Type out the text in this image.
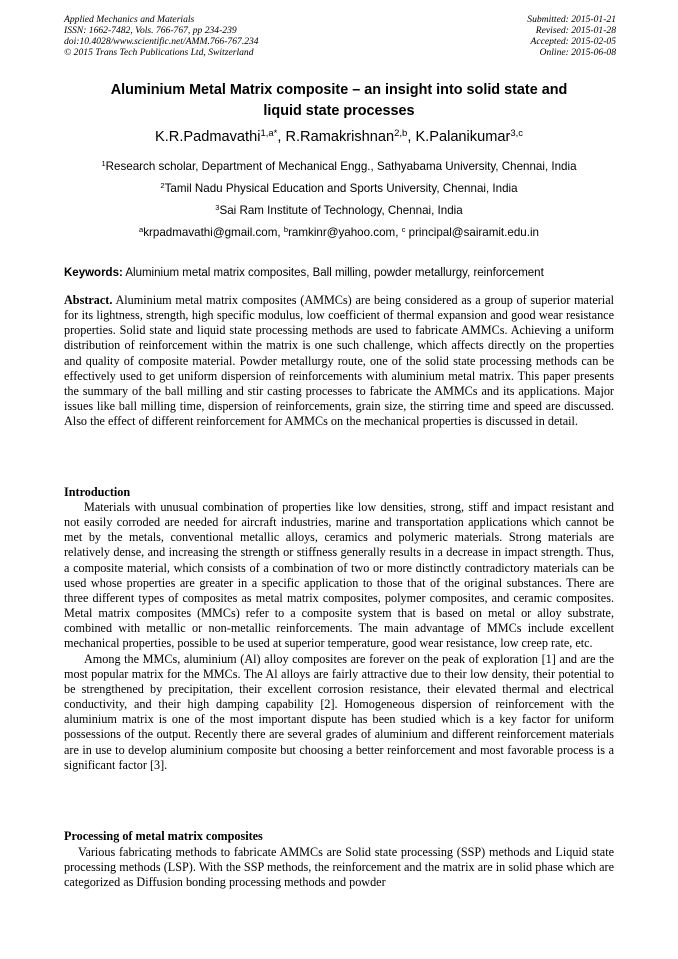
Applied Mechanics and Materials
ISSN: 1662-7482, Vols. 766-767, pp 234-239
doi:10.4028/www.scientific.net/AMM.766-767.234
© 2015 Trans Tech Publications Ltd, Switzerland
Submitted: 2015-01-21
Revised: 2015-01-28
Accepted: 2015-02-05
Online: 2015-06-08
Aluminium Metal Matrix composite – an insight into solid state and
liquid state processes
K.R.Padmavathi$^{1,a*}$, R.Ramakrishnan$^{2,b}$, K.Palanikumar$^{3,c}$
$^1$Research scholar, Department of Mechanical Engg., Sathyabama University, Chennai, India
$^2$Tamil Nadu Physical Education and Sports University, Chennai, India
$^3$Sai Ram Institute of Technology, Chennai, India
$^a$krpadmavathi@gmail.com, $^b$ramkinr@yahoo.com, $^c$ principal@sairamit.edu.in
Keywords: Aluminium metal matrix composites, Ball milling, powder metallurgy, reinforcement

Abstract. Aluminium metal matrix composites (AMMCs) are being considered as a group of superior material for its lightness, strength, high specific modulus, low coefficient of thermal expansion and good wear resistance properties. Solid state and liquid state processing methods are used to fabricate AMMCs. Achieving a uniform distribution of reinforcement within the matrix is one such challenge, which affects directly on the properties and quality of composite material. Powder metallurgy route, one of the solid state processing methods can be effectively used to get uniform dispersion of reinforcements with aluminium metal matrix. This paper presents the summary of the ball milling and stir casting processes to fabricate the AMMCs and its applications. Major issues like ball milling time, dispersion of reinforcements, grain size, the stirring time and speed are discussed. Also the effect of different reinforcement for AMMCs on the mechanical properties is discussed in detail.

Introduction

Materials with unusual combination of properties like low densities, strong, stiff and impact resistant and not easily corroded are needed for aircraft industries, marine and transportation applications which cannot be met by the metals, conventional metallic alloys, ceramics and polymeric materials. Strong materials are relatively dense, and increasing the strength or stiffness generally results in a decrease in impact strength. Thus, a composite material, which consists of a combination of two or more distinctly contradictory materials can be used whose properties are greater in a specific application to those that of the original substances. There are three different types of composites as metal matrix composites, polymer composites, and ceramic composites. Metal matrix composites (MMCs) refer to a composite system that is based on metal or alloy substrate, combined with metallic or non-metallic reinforcements. The main advantage of MMCs include excellent mechanical properties, possible to be used at superior temperature, good wear resistance, low creep rate, etc.

Among the MMCs, aluminium (Al) alloy composites are forever on the peak of exploration [1] and are the most popular matrix for the MMCs. The Al alloys are fairly attractive due to their low density, their potential to be strengthened by precipitation, their excellent corrosion resistance, their elevated thermal and electrical conductivity, and their high damping capability [2]. Homogeneous dispersion of reinforcement with the aluminium matrix is one of the most important dispute has been studied which is a key factor for uniform possessions of the output. Recently there are several grades of aluminium and different reinforcement materials are in use to develop aluminium composite but choosing a better reinforcement and most favorable process is a significant factor [3].

Processing of metal matrix composites

Various fabricating methods to fabricate AMMCs are Solid state processing (SSP) methods and Liquid state processing methods (LSP). With the SSP methods, the reinforcement and the matrix are in solid phase which are categorized as Diffusion bonding processing methods and powder
